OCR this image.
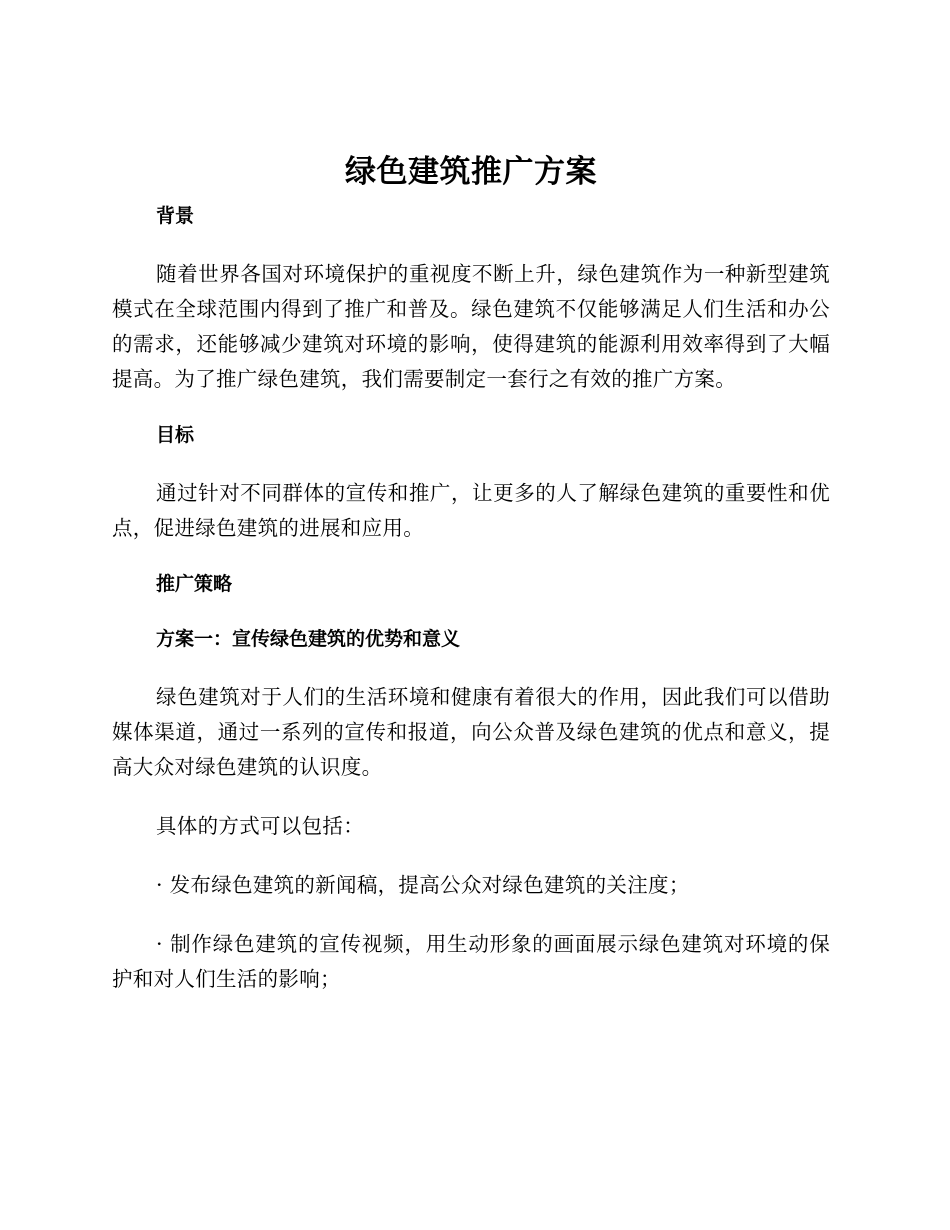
绿色建筑推广方案
背景

随着世界各国对环境保护的重视度不断上升，绿色建筑作为一种新型建筑模式在全球范围内得到了推广和普及。绿色建筑不仅能够满足人们生活和办公的需求，还能够减少建筑对环境的影响，使得建筑的能源利用效率得到了大幅提高。为了推广绿色建筑，我们需要制定一套行之有效的推广方案。

目标

通过针对不同群体的宣传和推广，让更多的人了解绿色建筑的重要性和优点，促进绿色建筑的进展和应用。

推广策略
方案一：宣传绿色建筑的优势和意义

绿色建筑对于人们的生活环境和健康有着很大的作用，因此我们可以借助媒体渠道，通过一系列的宣传和报道，向公众普及绿色建筑的优点和意义，提高大众对绿色建筑的认识度。

具体的方式可以包括：

· 发布绿色建筑的新闻稿，提高公众对绿色建筑的关注度；

· 制作绿色建筑的宣传视频，用生动形象的画面展示绿色建筑对环境的保护和对人们生活的影响；
